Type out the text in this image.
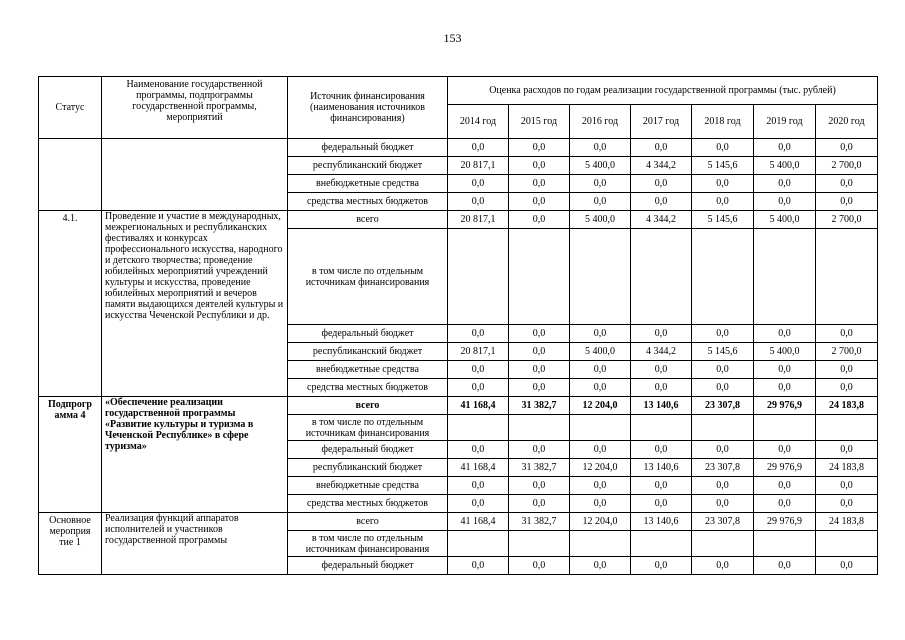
153
Статус	Наименование государственной программы, подпрограммы государственной программы, мероприятий	Источник финансирования (наименования источников финансирования)	Оценка расходов по годам реализации государственной программы (тыс. рублей)						
			2014 год	2015 год	2016 год	2017 год	2018 год	2019 год	2020 год
		федеральный бюджет	0,0	0,0	0,0	0,0	0,0	0,0	0,0
		республиканский бюджет	20 817,1	0,0	5 400,0	4 344,2	5 145,6	5 400,0	2 700,0
		внебюджетные средства	0,0	0,0	0,0	0,0	0,0	0,0	0,0
		средства местных бюджетов	0,0	0,0	0,0	0,0	0,0	0,0	0,0
4.1.	Проведение и участие в международных, межрегиональных и республиканских фестивалях и конкурсах профессионального искусства, народного и детского творчества; проведение юбилейных мероприятий учреждений культуры и искусства, проведение юбилейных мероприятий и вечеров памяти выдающихся деятелей культуры и искусства Чеченской Республики и др.	всего	20 817,1	0,0	5 400,0	4 344,2	5 145,6	5 400,0	2 700,0
		в том числе по отдельным источникам финансирования							
		федеральный бюджет	0,0	0,0	0,0	0,0	0,0	0,0	0,0
		республиканский бюджет	20 817,1	0,0	5 400,0	4 344,2	5 145,6	5 400,0	2 700,0
		внебюджетные средства	0,0	0,0	0,0	0,0	0,0	0,0	0,0
		средства местных бюджетов	0,0	0,0	0,0	0,0	0,0	0,0	0,0
Подпрогр амма 4	«Обеспечение реализации государственной программы «Развитие культуры и туризма в Чеченской Республике» в сфере туризма»	всего	41 168,4	31 382,7	12 204,0	13 140,6	23 307,8	29 976,9	24 183,8
		в том числе по отдельным источникам финансирования							
		федеральный бюджет	0,0	0,0	0,0	0,0	0,0	0,0	0,0
		республиканский бюджет	41 168,4	31 382,7	12 204,0	13 140,6	23 307,8	29 976,9	24 183,8
		внебюджетные средства	0,0	0,0	0,0	0,0	0,0	0,0	0,0
		средства местных бюджетов	0,0	0,0	0,0	0,0	0,0	0,0	0,0
Основное мероприя тие 1	Реализация функций аппаратов исполнителей и участников государственной программы	всего	41 168,4	31 382,7	12 204,0	13 140,6	23 307,8	29 976,9	24 183,8
		в том числе по отдельным источникам финансирования							
		федеральный бюджет	0,0	0,0	0,0	0,0	0,0	0,0	0,0
